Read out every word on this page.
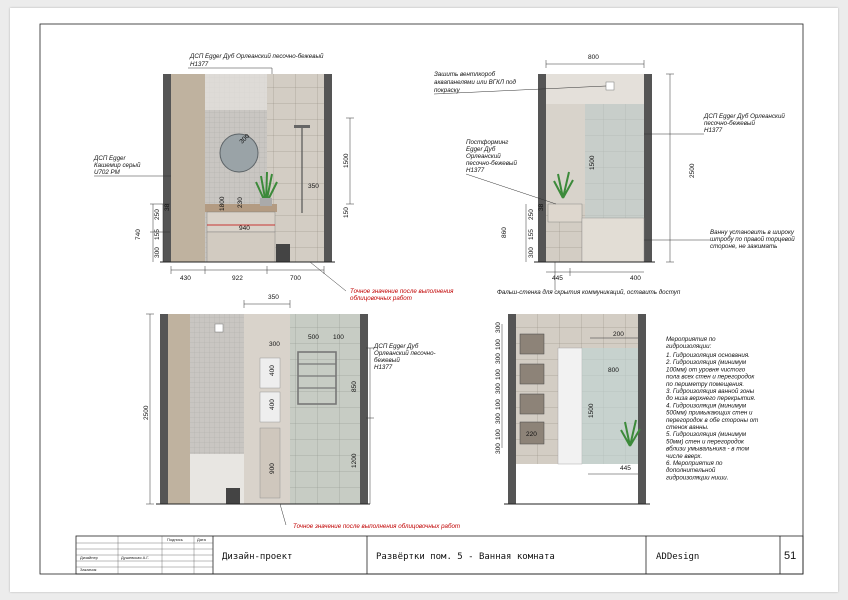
430	922	700
740 155
300
250
38
1500
150
300
350
230
1800
940
ДСП Egger Дуб Орлеанский песочно-бежевый
H1377
ДСП Egger
Кашемир серый
U702 PM
Точное значение после выполнения
облицовочных работ
800
860	155
300
250
38
1500
2500
445	400
Зашить вентлкороб
аквапанелями или ВГКЛ под
покраску
Постформинг
Egger Дуб
Орлеанский
песочно-бежевый
H1377
ДСП Egger Дуб Орлеанский
песочно-бежевый
H1377
Ванну установить в широку
штробу по правой торцевой
стороне, не зажимать
Фальш-стенка для скрытия коммуникаций, оставить доступ
350
300
500 100
2500
400
400
900
850
1200
ДСП Egger Дуб
Орлеанский песочно-
бежевый
H1377
Точное значение после выполнения облицовочных работ
300
100
300
100
300
100
300
100
300
200
800
1500
220
445
Мероприятия по
гидроизоляции:
1. Гидроизоляция основания.
2. Гидроизоляция (минимум
100мм) от уровня чистого
пола всех стен и перегородок
по периметру помещения.
3. Гидроизоляция ванной зоны
до низа верхнего перекрытия.
4. Гидроизоляция (минимум
500мм) примыкающих стен и
перегородок в обе стороны от
стенок ванны.
5. Гидроизоляция (минимум
50мм) стен и перегородок
вблизи умывальника - в том
числе вверх.
6. Мероприятия по
дополнительной
гидроизоляции ниши.
Подпись	Дата
Дизайнер	Душевская А.Г.
Заказчик
Дизайн-проект	Развёртки пом. 5 - Ванная комната	ADDesign	51
